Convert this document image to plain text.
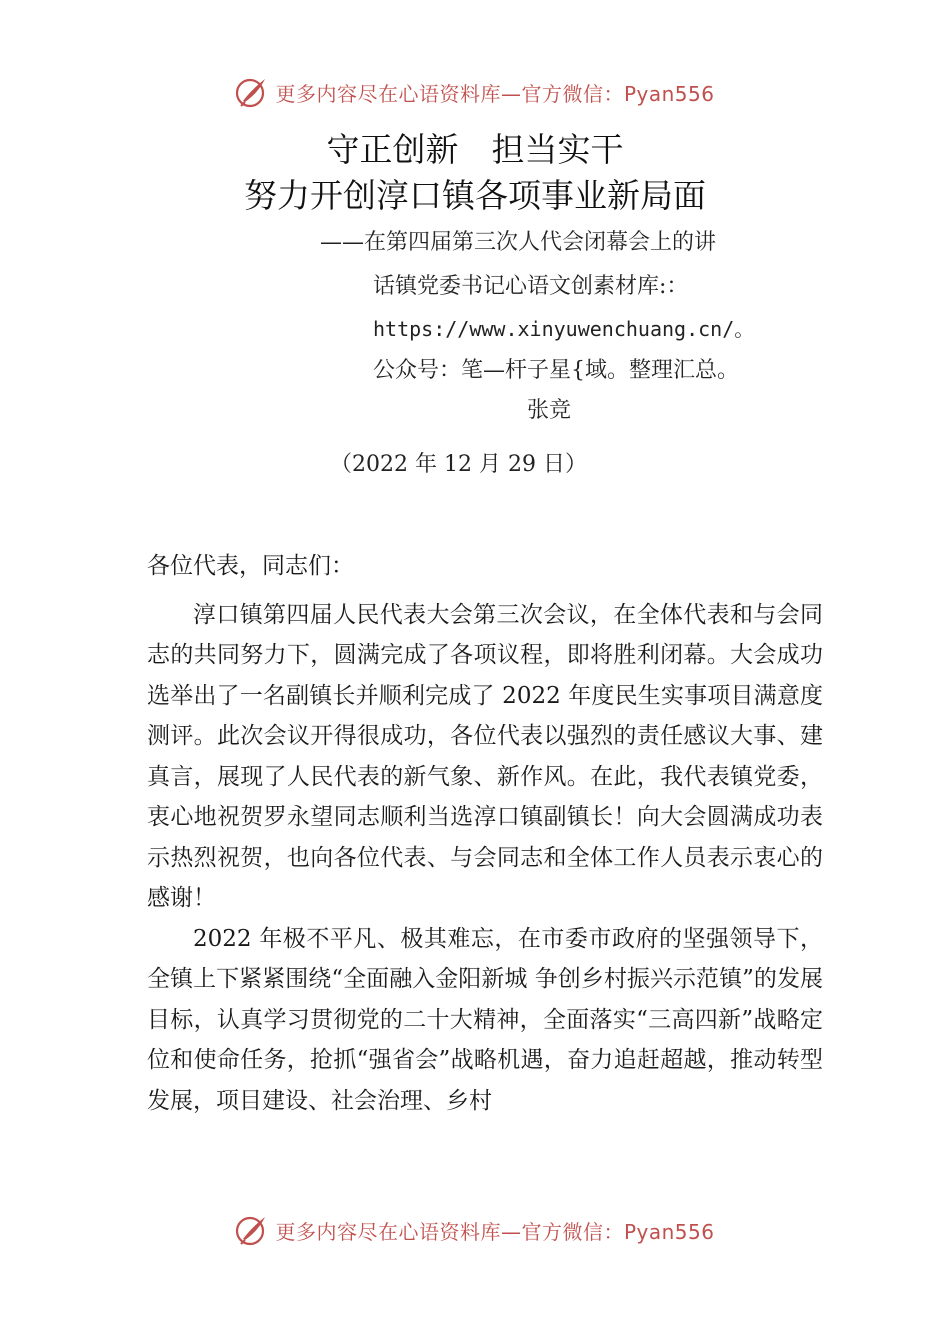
更多内容尽在心语资料库—官方微信：Pyan556
守正创新　担当实干
努力开创淳口镇各项事业新局面
——在第四届第三次人代会闭幕会上的讲
话镇党委书记心语文创素材库:：
https://www.xinyuwenchuang.cn/。
公众号：笔—杆子星{域。整理汇总。
张竞
（2022 年 12 月 29 日）

各位代表，同志们：

淳口镇第四届人民代表大会第三次会议，在全体代表和与会同志的共同努力下，圆满完成了各项议程，即将胜利闭幕。大会成功选举出了一名副镇长并顺利完成了 2022 年度民生实事项目满意度测评。此次会议开得很成功，各位代表以强烈的责任感议大事、建真言，展现了人民代表的新气象、新作风。在此，我代表镇党委，衷心地祝贺罗永望同志顺利当选淳口镇副镇长！向大会圆满成功表示热烈祝贺，也向各位代表、与会同志和全体工作人员表示衷心的感谢！

2022 年极不平凡、极其难忘，在市委市政府的坚强领导下，全镇上下紧紧围绕“全面融入金阳新城 争创乡村振兴示范镇”的发展目标，认真学习贯彻党的二十大精神，全面落实“三高四新”战略定位和使命任务，抢抓“强省会”战略机遇，奋力追赶超越，推动转型发展，项目建设、社会治理、乡村

更多内容尽在心语资料库—官方微信：Pyan556
